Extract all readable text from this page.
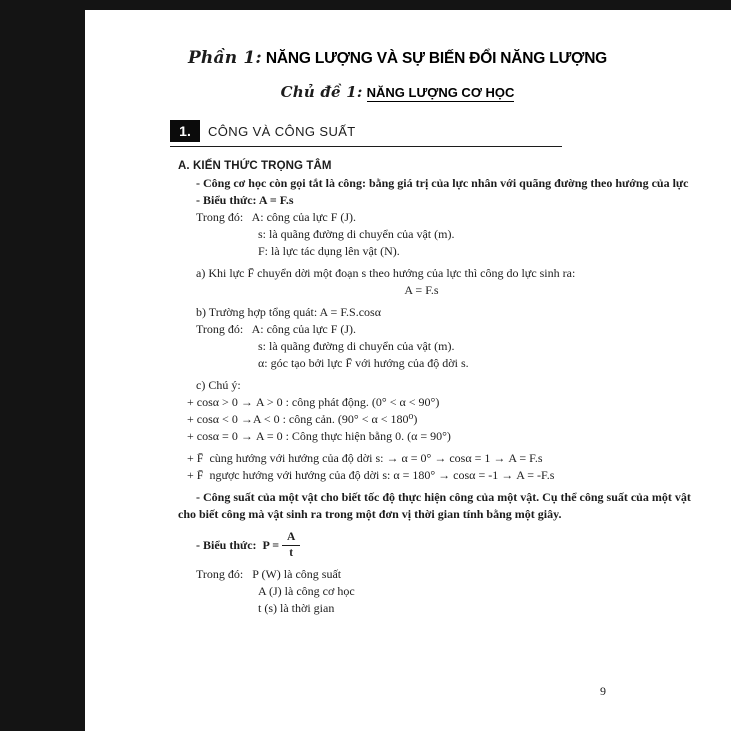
Phần 1: NĂNG LƯỢNG VÀ SỰ BIẾN ĐỔI NĂNG LƯỢNG
Chủ đề 1: NĂNG LƯỢNG CƠ HỌC
1.	CÔNG VÀ CÔNG SUẤT
A. KIẾN THỨC TRỌNG TÂM

- Công cơ học còn gọi tắt là công: bằng giá trị của lực nhân với quãng đường theo hướng của lực

- Biểu thức: A = F.s
Trong đó:   A: công của lực F (J).
s: là quãng đường di chuyển của vật (m).
F: là lực tác dụng lên vật (N).
a) Khi lực F̄ chuyển dời một đoạn s theo hướng của lực thì công do lực sinh ra:
A = F.s
b) Trường hợp tổng quát: A = F.S.cosα
Trong đó:   A: công của lực F (J).
s: là quãng đường di chuyển của vật (m).
α: góc tạo bởi lực F̄ với hướng của độ dời s.
c) Chú ý:
+ cosα > 0 → A > 0 : công phát động. (0° < α < 90°)
+ cosα < 0 →A < 0 : công cản. (90° < α < 180⁰)
+ cosα = 0 → A = 0 : Công thực hiện bằng 0. (α = 90°)
+ F̄  cùng hướng với hướng của độ dời s: → α = 0° → cosα = 1 → A = F.s
+ F̄  ngược hướng với hướng của độ dời s: α = 180° → cosα = -1 → A = -F.s

- Công suất của một vật cho biết tốc độ thực hiện công của một vật. Cụ thể công suất của một vật cho biết công mà vật sinh ra trong một đơn vị thời gian tính bằng một giây.

- Biểu thức:  $P = \frac{A}{t}$
Trong đó:   P (W) là công suất
A (J) là công cơ học
t (s) là thời gian
9
